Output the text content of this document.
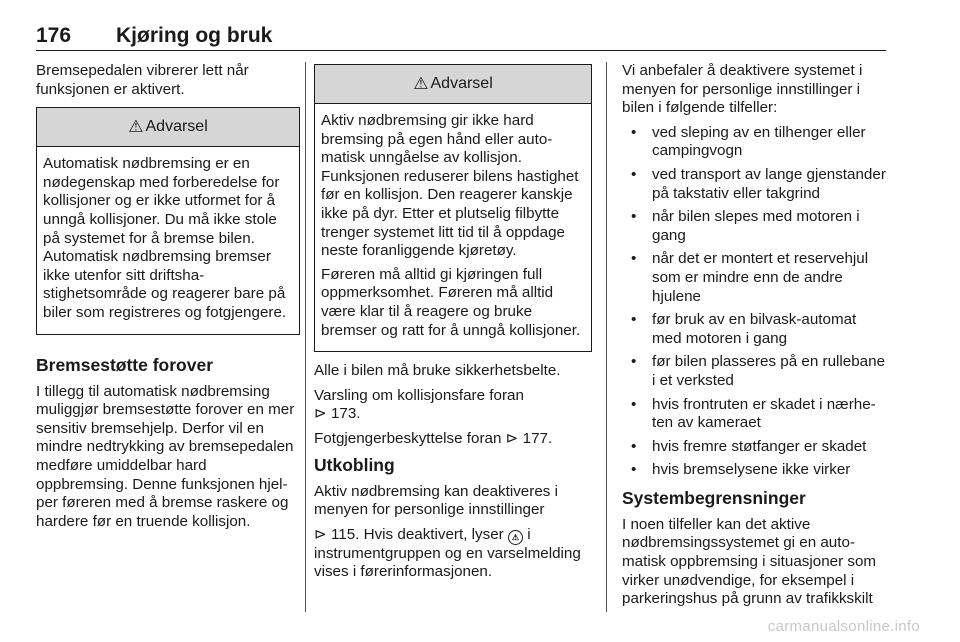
176 Kjøring og bruk

Bremsepedalen vibrerer lett når funksjonen er aktivert.

⚠ Advarsel

Automatisk nødbremsing er en nødegenskap med forberedelse for kollisjoner og er ikke utformet for å unngå kollisjoner. Du må ikke stole på systemet for å bremse bilen. Automatisk nødbremsing bremser ikke utenfor sitt driftshastighetsområde og reagerer bare på biler som registreres og fotgjengere.

Bremsestøtte forover

I tillegg til automatisk nødbremsing muliggjør bremsestøtte forover en mer sensitiv bremsehjelp. Derfor vil en mindre nedtrykking av bremsepedalen medføre umiddelbar hard oppbremsing. Denne funksjonen hjelper føreren med å bremse raskere og hardere før en truende kollisjon.

⚠ Advarsel

Aktiv nødbremsing gir ikke hard bremsing på egen hånd eller automatisk unngåelse av kollisjon. Funksjonen reduserer bilens hastighet før en kollisjon. Den reagerer kanskje ikke på dyr. Etter et plutselig filbytte trenger systemet litt tid til å oppdage neste foranliggende kjøretøy.

Føreren må alltid gi kjøringen full oppmerksomhet. Føreren må alltid være klar til å reagere og bruke bremser og ratt for å unngå kollisjoner.

Alle i bilen må bruke sikkerhetsbelte.

Varsling om kollisjonsfare foran
⊳ 173.

Fotgjengerbeskyttelse foran ⊳ 177.

Utkobling

Aktiv nødbremsing kan deaktiveres i menyen for personlige innstillinger

⊳ 115. Hvis deaktivert, lyser ⚠ i instrumentgruppen og en varselmelding vises i førerinformasjonen.

Vi anbefaler å deaktivere systemet i menyen for personlige innstillinger i bilen i følgende tilfeller:

• ved sleping av en tilhenger eller campingvogn
• ved transport av lange gjenstander på takstativ eller takgrind
• når bilen slepes med motoren i gang
• når det er montert et reservehjul som er mindre enn de andre hjulene
• før bruk av en bilvask-automat med motoren i gang
• før bilen plasseres på en rullebane i et verksted
• hvis frontruten er skadet i nærheten av kameraet
• hvis fremre støtfanger er skadet
• hvis bremselysene ikke virker
Systembegrensninger

I noen tilfeller kan det aktive nødbremsingssystemet gi en automatisk oppbremsing i situasjoner som virker unødvendige, for eksempel i parkeringshus på grunn av trafikkskilt

carmanualsonline.info
